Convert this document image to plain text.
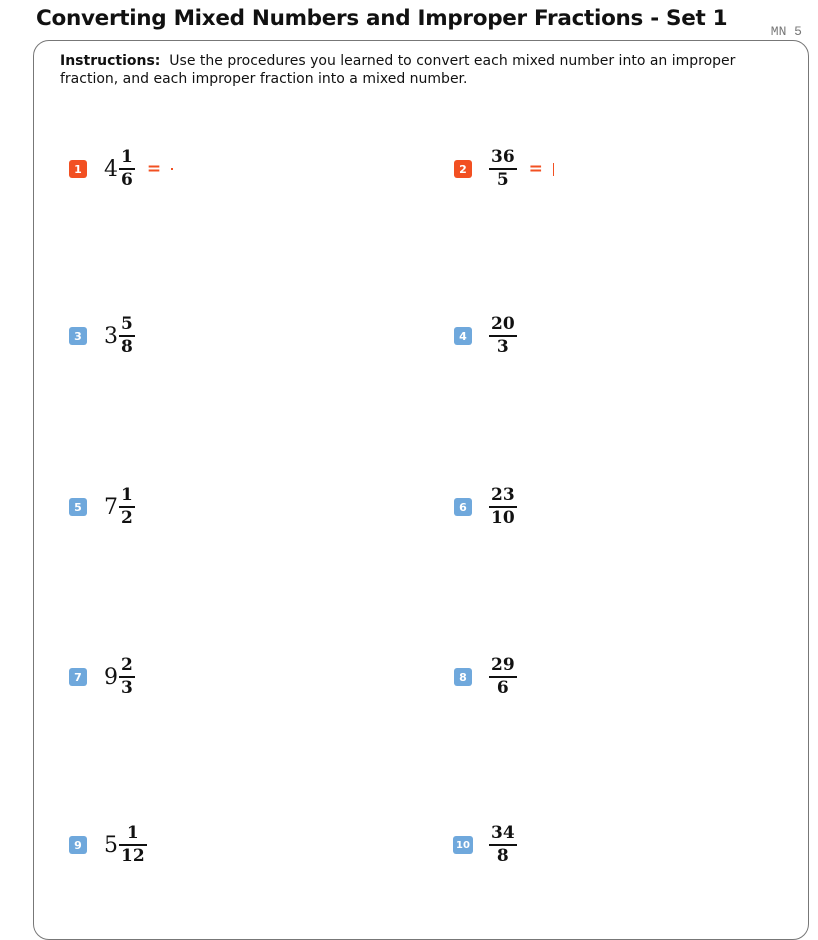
Converting Mixed Numbers and Improper Fractions - Set 1
MN 5
Instructions: Use the procedures you learned to convert each mixed number into an improper fraction, and each improper fraction into a mixed number.
1 $4 \frac{1}{6}$ =	2	$\frac{36}{5}$ =
3 $3 \frac{5}{8}$	4	$\frac{20}{3}$
5 $7 \frac{1}{2}$	6	$\frac{23}{10}$
7 $9 \frac{2}{3}$	8	$\frac{29}{6}$
9 $5 \frac{1}{12}$	$10 \frac{34}{8}$
